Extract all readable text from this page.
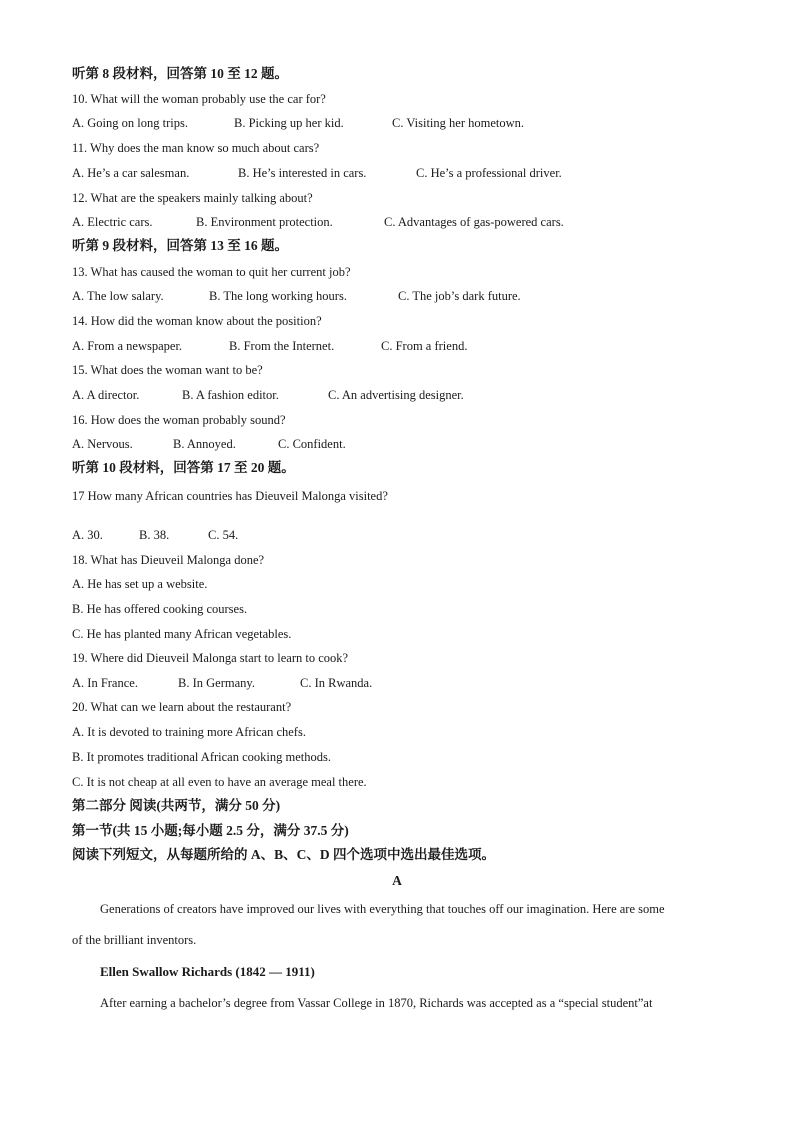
听第 8 段材料，回答第 10 至 12 题。
10. What will the woman probably use the car for?
A. Going on long trips.	B. Picking up her kid.	C. Visiting her hometown.
11. Why does the man know so much about cars?
A. He’s a car salesman.	B. He’s interested in cars.	C. He’s a professional driver.
12. What are the speakers mainly talking about?
A. Electric cars.	B. Environment protection.	C. Advantages of gas-powered cars.
听第 9 段材料，回答第 13 至 16 题。
13. What has caused the woman to quit her current job?
A. The low salary.	B. The long working hours.	C. The job’s dark future.
14. How did the woman know about the position?
A. From a newspaper.	B. From the Internet.	C. From a friend.
15. What does the woman want to be?
A. A director.	B. A fashion editor.	C. An advertising designer.
16. How does the woman probably sound?
A. Nervous.	B. Annoyed.	C. Confident.
听第 10 段材料，回答第 17 至 20 题。
17 How many African countries has Dieuveil Malonga visited?
A. 30.	B. 38.	C. 54.
18. What has Dieuveil Malonga done?
A. He has set up a website.
B. He has offered cooking courses.
C. He has planted many African vegetables.
19. Where did Dieuveil Malonga start to learn to cook?
A. In France.	B. In Germany.	C. In Rwanda.
20. What can we learn about the restaurant?
A. It is devoted to training more African chefs.
B. It promotes traditional African cooking methods.
C. It is not cheap at all even to have an average meal there.
第二部分 阅读(共两节，满分 50 分)
第一节(共 15 小题;每小题 2.5 分，满分 37.5 分)
阅读下列短文，从每题所给的 A、B、C、D 四个选项中选出最佳选项。
A
Generations of creators have improved our lives with everything that touches off our imagination. Here are some
of the brilliant inventors.
Ellen Swallow Richards (1842 — 1911)
After earning a bachelor’s degree from Vassar College in 1870, Richards was accepted as a “special student”at
